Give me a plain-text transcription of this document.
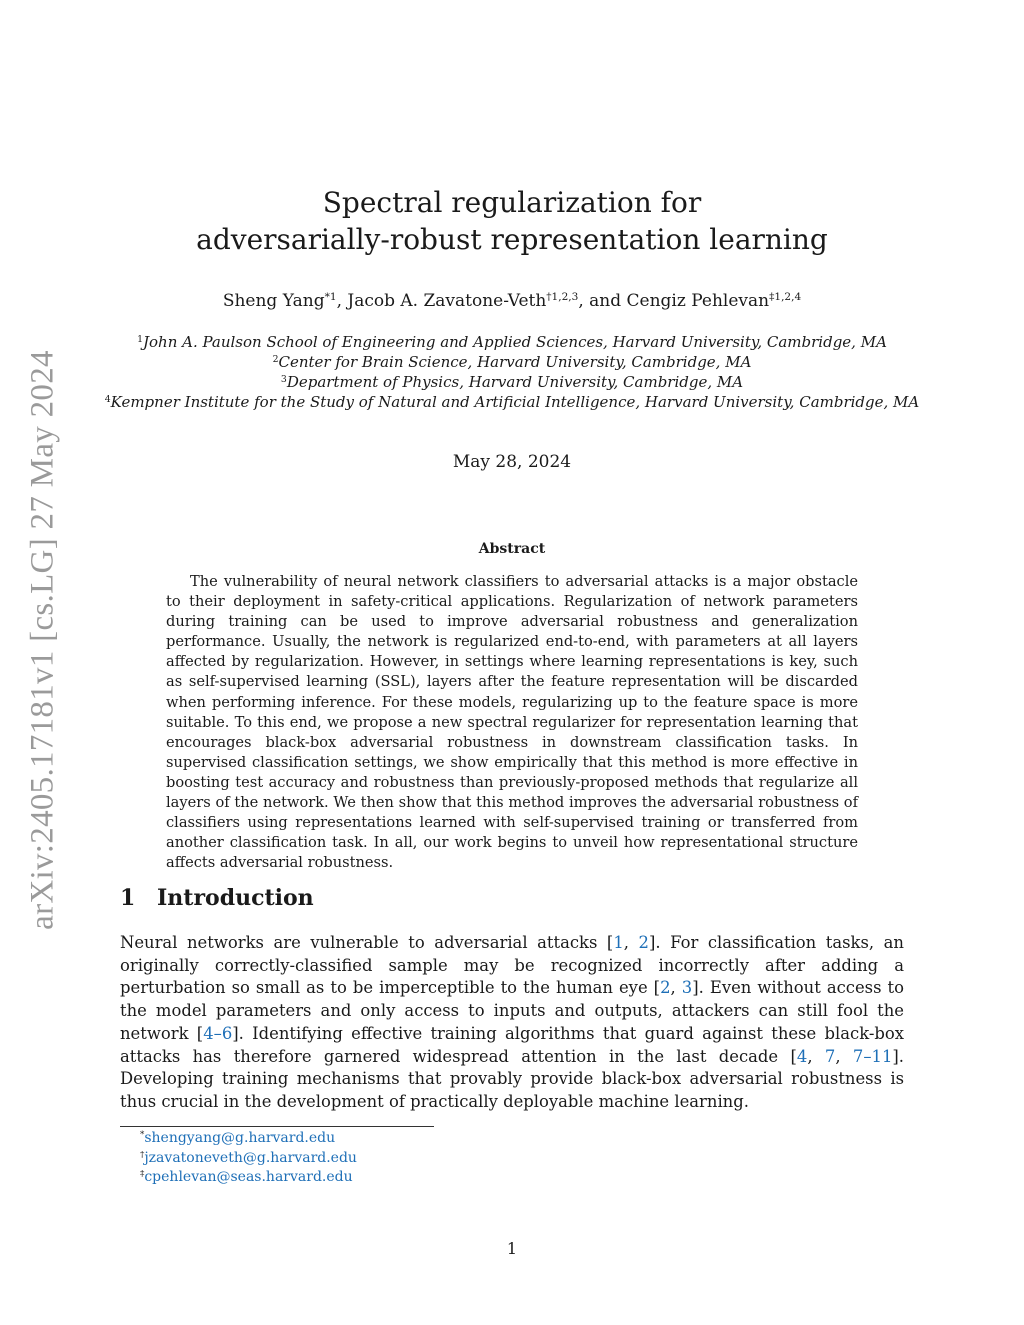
arXiv:2405.17181v1 [cs.LG] 27 May 2024
Spectral regularization for
adversarially-robust representation learning
Sheng Yang$^{*1}$, Jacob A. Zavatone-Veth$^{\dagger 1,2,3}$, and Cengiz Pehlevan$^{\ddagger 1,2,4}$

$^1$John A. Paulson School of Engineering and Applied Sciences, Harvard University, Cambridge, MA

$^2$Center for Brain Science, Harvard University, Cambridge, MA

$^3$Department of Physics, Harvard University, Cambridge, MA

$^4$Kempner Institute for the Study of Natural and Artificial Intelligence, Harvard University, Cambridge, MA

May 28, 2024
Abstract
The vulnerability of neural network classifiers to adversarial attacks is a major obstacle to their deployment in safety-critical applications. Regularization of network parameters during training can be used to improve adversarial robustness and generalization performance. Usually, the network is regularized end-to-end, with parameters at all layers affected by regularization. However, in settings where learning representations is key, such as self-supervised learning (SSL), layers after the feature representation will be discarded when performing inference. For these models, regularizing up to the feature space is more suitable. To this end, we propose a new spectral regularizer for representation learning that encourages black-box adversarial robustness in downstream classification tasks. In supervised classification settings, we show empirically that this method is more effective in boosting test accuracy and robustness than previously-proposed methods that regularize all layers of the network. We then show that this method improves the adversarial robustness of classifiers using representations learned with self-supervised training or transferred from another classification task. In all, our work begins to unveil how representational structure affects adversarial robustness.
1 Introduction
Neural networks are vulnerable to adversarial attacks [1, 2]. For classification tasks, an originally correctly-classified sample may be recognized incorrectly after adding a perturbation so small as to be imperceptible to the human eye [2, 3]. Even without access to the model parameters and only access to inputs and outputs, attackers can still fool the network [4–6]. Identifying effective training algorithms that guard against these black-box attacks has therefore garnered widespread attention in the last decade [4, 7, 7–11]. Developing training mechanisms that provably provide black-box adversarial robustness is thus crucial in the development of practically deployable machine learning.

*shengyang@g.harvard.edu

†jzavatoneveth@g.harvard.edu

‡cpehlevan@seas.harvard.edu

1
